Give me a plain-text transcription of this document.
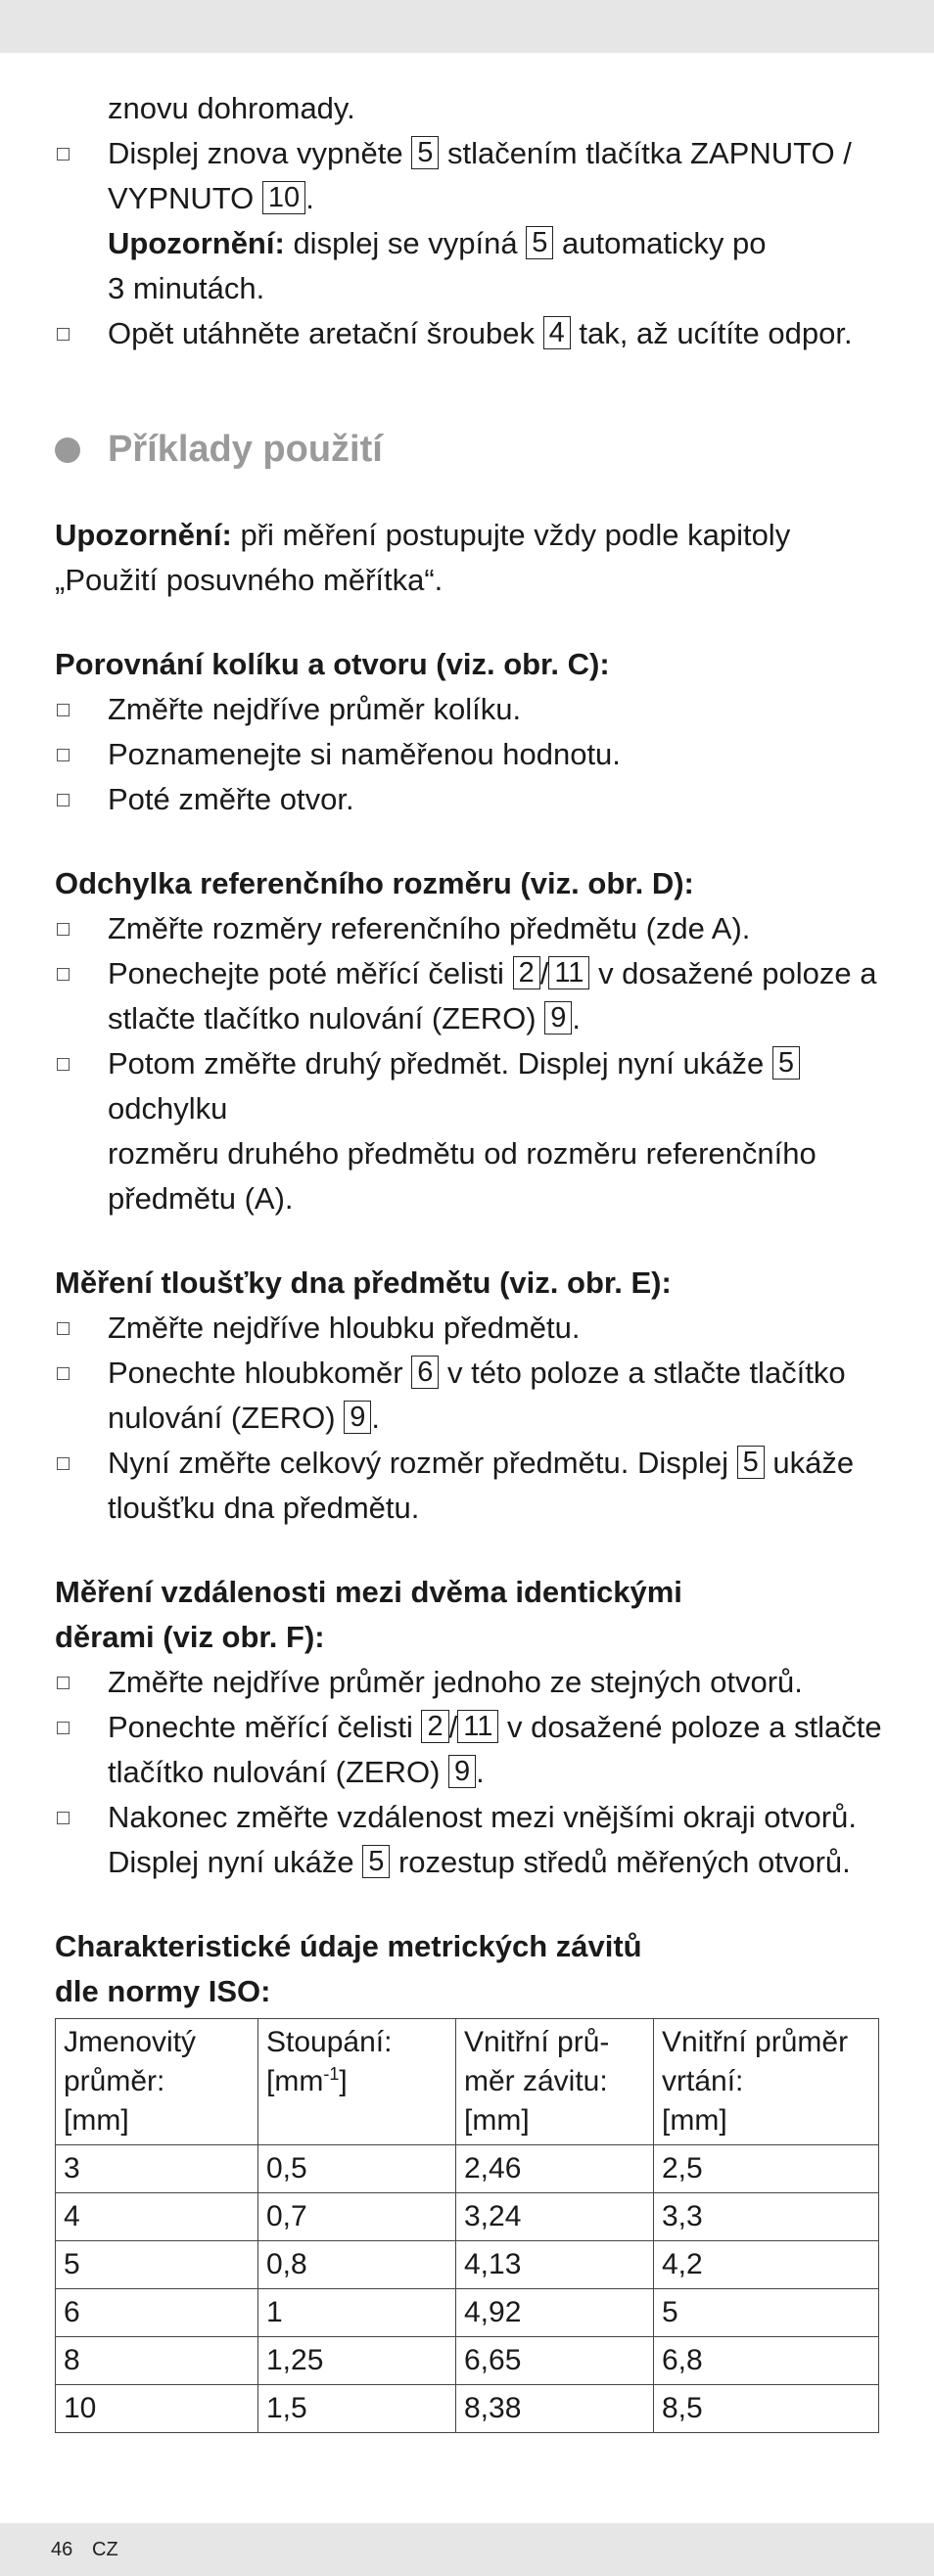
znovu dohromady.

Displej znova vypněte 5 stlačením tlačítka ZAPNUTO /
VYPNUTO 10 .

Upozornění: displej se vypíná 5 automaticky po
3 minutách.

Opět utáhněte aretační šroubek 4 tak, až ucítíte odpor.

Příklady použití

Upozornění: při měření postupujte vždy podle kapitoly
„Použití posuvného měřítka“.

Porovnání kolíku a otvoru (viz. obr. C):

Změřte nejdříve průměr kolíku.

Poznamenejte si naměřenou hodnotu.

Poté změřte otvor.

Odchylka referenčního rozměru (viz. obr. D):

Změřte rozměry referenčního předmětu (zde A).

Ponechejte poté měřící čelisti 2 / 11 v dosažené poloze a
stlačte tlačítko nulování (ZERO) 9 .

Potom změřte druhý předmět. Displej nyní ukáže 5 odchylku
rozměru druhého předmětu od rozměru referenčního
předmětu (A).

Měření tloušťky dna předmětu (viz. obr. E):

Změřte nejdříve hloubku předmětu.

Ponechte hloubkoměr 6 v této poloze a stlačte tlačítko
nulování (ZERO) 9 .

Nyní změřte celkový rozměr předmětu. Displej 5 ukáže
tloušťku dna předmětu.

Měření vzdálenosti mezi dvěma identickými
děrami (viz obr. F):

Změřte nejdříve průměr jednoho ze stejných otvorů.

Ponechte měřící čelisti 2 / 11 v dosažené poloze a stlačte
tlačítko nulování (ZERO) 9 .

Nakonec změřte vzdálenost mezi vnějšími okraji otvorů.
Displej nyní ukáže 5 rozestup středů měřených otvorů.

Charakteristické údaje metrických závitů
dle normy ISO:

Jmenovitý
průměr:
[mm]	Stoupání:
$[mm^{-1}]$	Vnitřní prů-
měr závitu:
[mm]	Vnitřní průměr
vrtání:
[mm]
3	0,5	2,46	2,5
4	0,7	3,24	3,3
5	0,8	4,13	4,2
6	1	4,92	5
8	1,25	6,65	6,8
10	1,5	8,38	8,5
46 CZ
